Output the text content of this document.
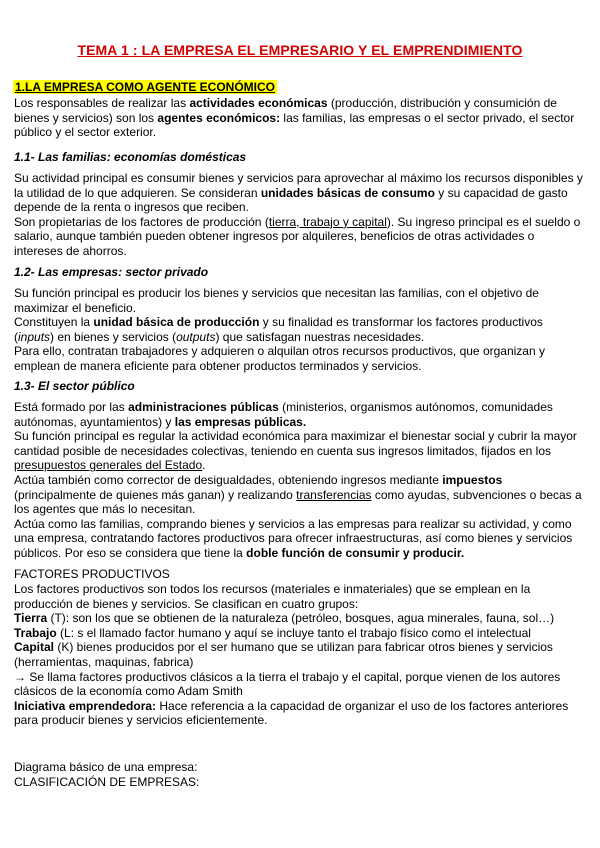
TEMA 1 : LA EMPRESA EL EMPRESARIO Y EL EMPRENDIMIENTO
1.LA EMPRESA COMO AGENTE ECONÓMICO

Los responsables de realizar las actividades económicas (producción, distribución y consumición de bienes y servicios) son los agentes económicos: las familias, las empresas o el sector privado, el sector público y el sector exterior.

1.1- Las familias: economías domésticas

Su actividad principal es consumir bienes y servicios para aprovechar al máximo los recursos disponibles y la utilidad de lo que adquieren. Se consideran unidades básicas de consumo y su capacidad de gasto depende de la renta o ingresos que reciben.

Son propietarias de los factores de producción (tierra, trabajo y capital). Su ingreso principal es el sueldo o salario, aunque también pueden obtener ingresos por alquileres, beneficios de otras actividades o intereses de ahorros.

1.2- Las empresas: sector privado

Su función principal es producir los bienes y servicios que necesitan las familias, con el objetivo de maximizar el beneficio.

Constituyen la unidad básica de producción y su finalidad es transformar los factores productivos (inputs) en bienes y servicios (outputs) que satisfagan nuestras necesidades.

Para ello, contratan trabajadores y adquieren o alquilan otros recursos productivos, que organizan y emplean de manera eficiente para obtener productos terminados y servicios.

1.3- El sector público

Está formado por las administraciones públicas (ministerios, organismos autónomos, comunidades autónomas, ayuntamientos) y las empresas públicas.

Su función principal es regular la actividad económica para maximizar el bienestar social y cubrir la mayor cantidad posible de necesidades colectivas, teniendo en cuenta sus ingresos limitados, fijados en los presupuestos generales del Estado.

Actúa también como corrector de desigualdades, obteniendo ingresos mediante impuestos (principalmente de quienes más ganan) y realizando transferencias como ayudas, subvenciones o becas a los agentes que más lo necesitan.

Actúa como las familias, comprando bienes y servicios a las empresas para realizar su actividad, y como una empresa, contratando factores productivos para ofrecer infraestructuras, así como bienes y servicios públicos. Por eso se considera que tiene la doble función de consumir y producir.

FACTORES PRODUCTIVOS

Los factores productivos son todos los recursos (materiales e inmateriales) que se emplean en la producción de bienes y servicios. Se clasifican en cuatro grupos:

Tierra (T): son los que se obtienen de la naturaleza (petróleo, bosques, agua minerales, fauna, sol…)

Trabajo (L: s el llamado factor humano y aquí se incluye tanto el trabajo físico como el intelectual

Capital (K) bienes producidos por el ser humano que se utilizan para fabricar otros bienes y servicios (herramientas, maquinas, fabrica)

→ Se llama factores productivos clásicos a la tierra el trabajo y el capital, porque vienen de los autores clásicos de la economía como Adam Smith

Iniciativa emprendedora: Hace referencia a la capacidad de organizar el uso de los factores anteriores para producir bienes y servicios eficientemente.

Diagrama básico de una empresa:
CLASIFICACIÓN DE EMPRESAS:
